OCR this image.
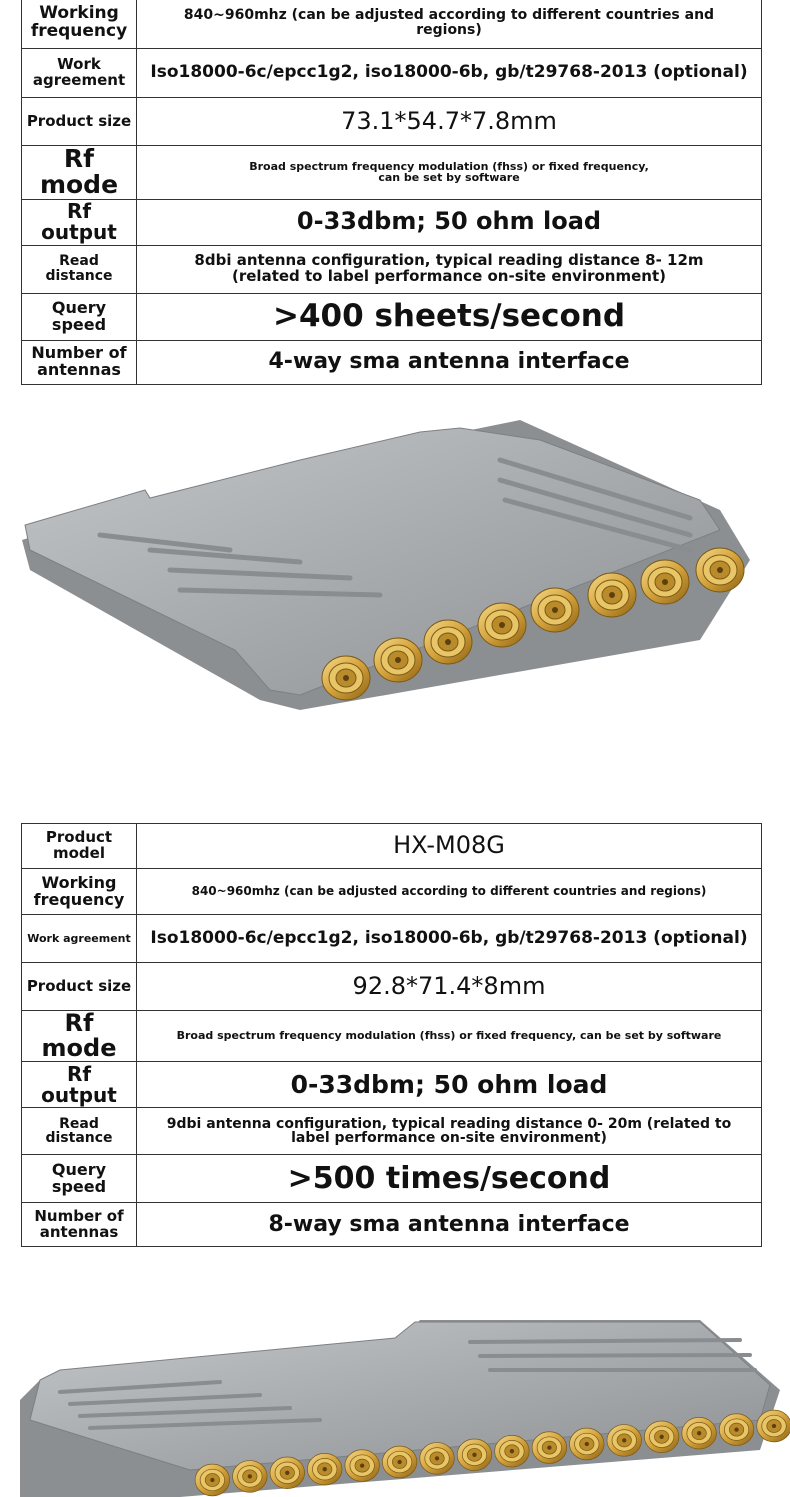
Working frequency	840~960mhz (can be adjusted according to different countries and regions)
Work agreement	Iso18000-6c/epcc1g2, iso18000-6b, gb/t29768-2013 (optional)
Product size	73.1*54.7*7.8mm
Rf mode	Broad spectrum frequency modulation (fhss) or fixed frequency, can be set by software
Rf output	0-33dbm; 50 ohm load
Read distance	8dbi antenna configuration, typical reading distance 8- 12m (related to label performance on-site environment)
Query speed	>400 sheets/second
Number of antennas	4-way sma antenna interface
Product model	HX-M08G
Working frequency	840~960mhz (can be adjusted according to different countries and regions)
Work agreement	Iso18000-6c/epcc1g2, iso18000-6b, gb/t29768-2013 (optional)
Product size	92.8*71.4*8mm
Rf mode	Broad spectrum frequency modulation (fhss) or fixed frequency, can be set by software
Rf output	0-33dbm; 50 ohm load
Read distance	9dbi antenna configuration, typical reading distance 0- 20m (related to label performance on-site environment)
Query speed	>500 times/second
Number of antennas	8-way sma antenna interface
